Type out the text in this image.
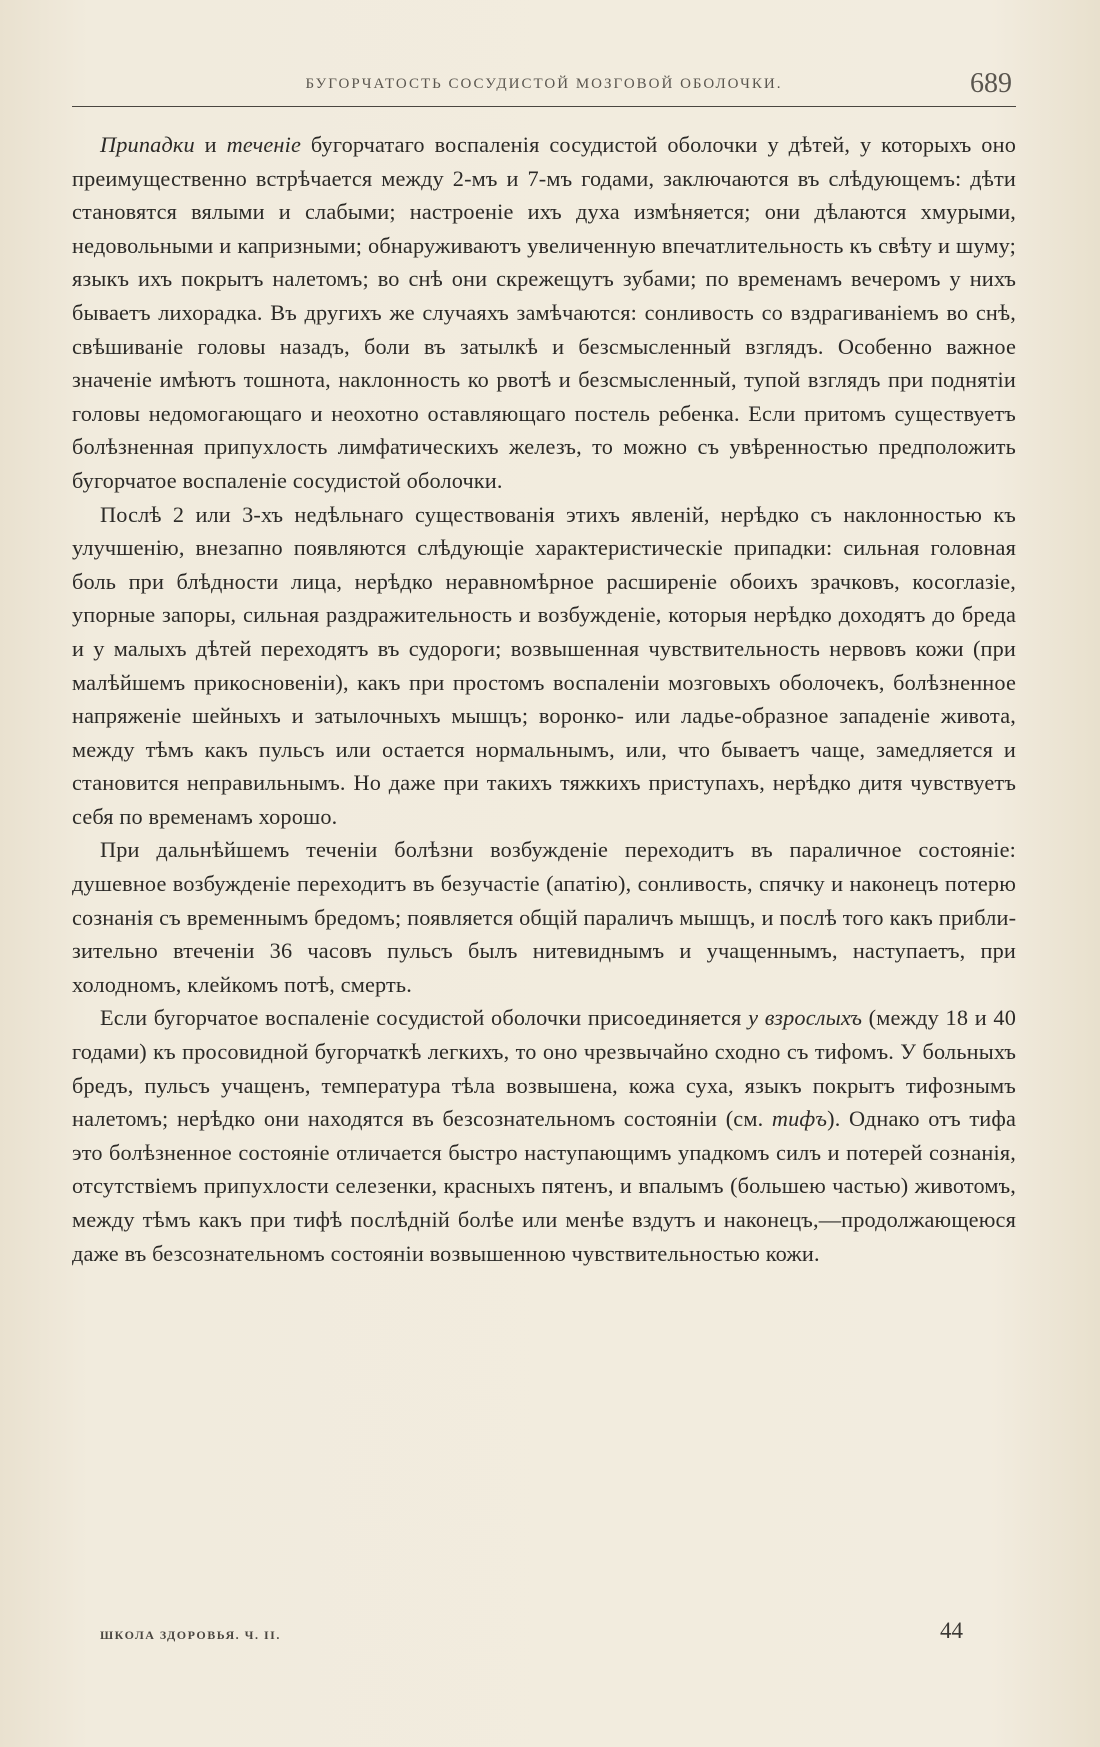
БУГОРЧАТОСТЬ СОСУДИСТОЙ МОЗГОВОЙ ОБОЛОЧКИ.	689

Припадки и теченіе бугорчатаго воспаленія сосудистой оболочки у дѣтей, у которыхъ оно преимущественно встрѣчается между 2-мъ и 7-мъ годами, заключаются въ слѣдующемъ: дѣти становятся вялыми и слабыми; настроеніе ихъ духа измѣняется; они дѣлаются хмурыми, недовольными и капризными; обнаруживаютъ увеличенную впечатлительность къ свѣту и шуму; языкъ ихъ покрытъ налетомъ; во снѣ они скрежещутъ зубами; по временамъ вечеромъ у нихъ бываетъ лихорадка. Въ другихъ же случаяхъ замѣчаются: сонливость со вздрагиваніемъ во снѣ, свѣшиваніе головы назадъ, боли въ затылкѣ и безсмысленный взглядъ. Особенно важное значеніе имѣютъ тошнота, наклонность ко рвотѣ и безсмысленный, тупой взглядъ при поднятіи головы недомогающаго и неохотно оставляющаго постель ребенка. Если притомъ существуетъ болѣзненная припухлость лимфатическихъ железъ, то можно съ увѣренностью предположить бугорчатое воспаленіе сосудистой оболочки.

Послѣ 2 или 3-хъ недѣльнаго существованія этихъ явленій, нерѣдко съ наклонностью къ улучшенію, внезапно появляются слѣдующіе характеристическіе припадки: сильная головная боль при блѣдности лица, нерѣдко неравномѣрное расширеніе обоихъ зрачковъ, косоглазіе, упорные запоры, сильная раздражительность и возбужденіе, которыя нерѣдко доходятъ до бреда и у малыхъ дѣтей переходятъ въ судороги; возвышенная чувствительность нервовъ кожи (при малѣйшемъ прикосновеніи), какъ при простомъ воспаленіи мозговыхъ оболочекъ, болѣзненное напряженіе шейныхъ и затылочныхъ мышцъ; воронко- или ладье-образное западеніе живота, между тѣмъ какъ пульсъ или остается нормальнымъ, или, что бываетъ чаще, замедляется и становится неправильнымъ. Но даже при такихъ тяжкихъ приступахъ, нерѣдко дитя чувствуетъ себя по временамъ хорошо.

При дальнѣйшемъ теченіи болѣзни возбужденіе переходитъ въ параличное состояніе: душевное возбужденіе переходитъ въ безучастіе (апатію), сонливость, спячку и наконецъ потерю сознанія съ временнымъ бредомъ; появляется общій параличъ мышцъ, и послѣ того какъ приблизительно втеченіи 36 часовъ пульсъ былъ нитевиднымъ и учащеннымъ, наступаетъ, при холодномъ, клейкомъ потѣ, смерть.

Если бугорчатое воспаленіе сосудистой оболочки присоединяется у взрослыхъ (между 18 и 40 годами) къ просовидной бугорчаткѣ легкихъ, то оно чрезвычайно сходно съ тифомъ. У больныхъ бредъ, пульсъ учащенъ, температура тѣла возвышена, кожа суха, языкъ покрытъ тифознымъ налетомъ; нерѣдко они находятся въ безсознательномъ состояніи (см. тифъ). Однако отъ тифа это болѣзненное состояніе отличается быстро наступающимъ упадкомъ силъ и потерей сознанія, отсутствіемъ припухлости селезенки, красныхъ пятенъ, и впалымъ (большею частью) животомъ, между тѣмъ какъ при тифѣ послѣдній болѣе или менѣе вздутъ и наконецъ,—продолжающеюся даже въ безсознательномъ состояніи возвышенною чувствительностью кожи.

ШКОЛА ЗДОРОВЬЯ. Ч. II.	44
